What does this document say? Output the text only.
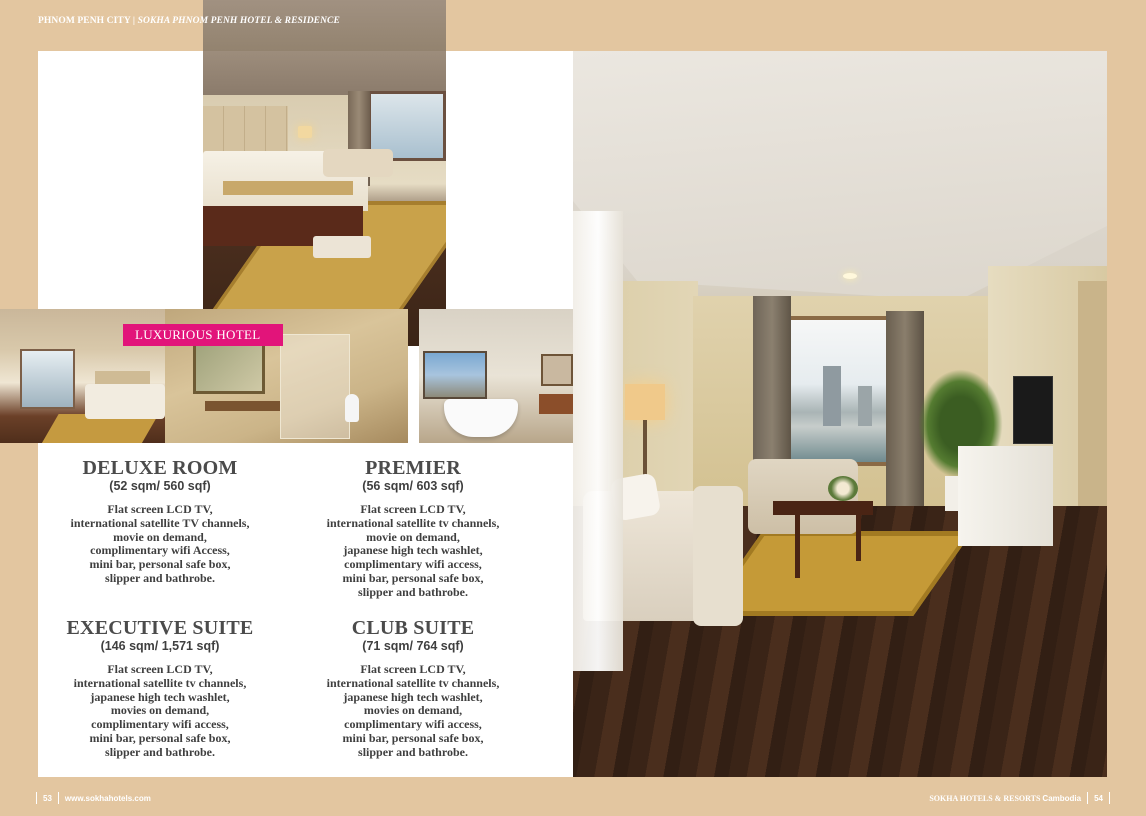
PHNOM PENH CITY | SOKHA PHNOM PENH HOTEL & RESIDENCE
LUXURIOUS HOTEL
DELUXE ROOM
(52 sqm/ 560 sqf)
Flat screen LCD TV,
international satellite TV channels,
movie on demand,
complimentary wifi Access,
mini bar, personal safe box,
slipper and bathrobe.
PREMIER
(56 sqm/ 603 sqf)
Flat screen LCD TV,
international satellite tv channels,
movie on demand,
japanese high tech washlet,
complimentary wifi access,
mini bar, personal safe box,
slipper and bathrobe.
EXECUTIVE SUITE
(146 sqm/ 1,571 sqf)
Flat screen LCD TV,
international satellite tv channels,
japanese high tech washlet,
movies on demand,
complimentary wifi access,
mini bar, personal safe box,
slipper and bathrobe.
CLUB SUITE
(71 sqm/ 764 sqf)
Flat screen LCD TV,
international satellite tv channels,
japanese high tech washlet,
movies on demand,
complimentary wifi access,
mini bar, personal safe box,
slipper and bathrobe.
53 www.sokhahotels.com	SOKHA HOTELS & RESORTS Cambodia 54
